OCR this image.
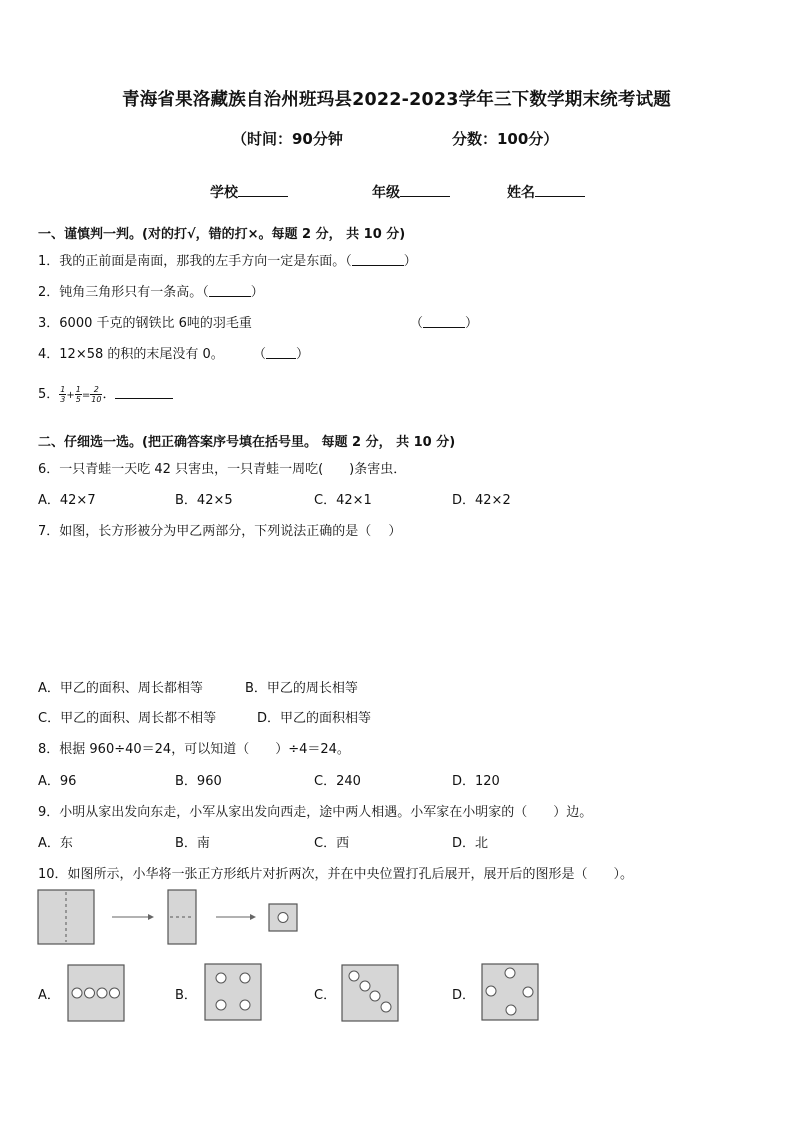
青海省果洛藏族自治州班玛县2022-2023学年三下数学期末统考试题
（时间：90分钟	分数：100分）
学校	年级	姓名
一、谨慎判一判。(对的打√，错的打×。每题 2 分， 共 10 分)
1．我的正前面是南面，那我的左手方向一定是东面。（	）
2．钝角三角形只有一条高。（	）
3．6000 千克的钢铁比 6吨的羽毛重	（	）
4．12×58 的积的末尾没有 0。 （ ）
5． $\frac{1}{3} + \frac{1}{5} = \frac{2}{10}$ ．
二、仔细选一选。(把正确答案序号填在括号里。 每题 2 分， 共 10 分)
6．一只青蛙一天吃 42 只害虫，一只青蛙一周吃(　　)条害虫．
A．42×7	B．42×5	C．42×1	D．42×2
7．如图，长方形被分为甲乙两部分，下列说法正确的是（　 ）
A．甲乙的面积、周长都相等	B．甲乙的周长相等
C．甲乙的面积、周长都不相等	D．甲乙的面积相等
8．根据 960÷40＝24，可以知道（　　）÷4＝24。
A．96	B．960	C．240	D．120
9．小明从家出发向东走，小军从家出发向西走，途中两人相遇。小军家在小明家的（　　）边。
A．东	B．南	C．西	D．北
10．如图所示，小华将一张正方形纸片对折两次，并在中央位置打孔后展开，展开后的图形是（　　）。
A．	B．	C．	D．
